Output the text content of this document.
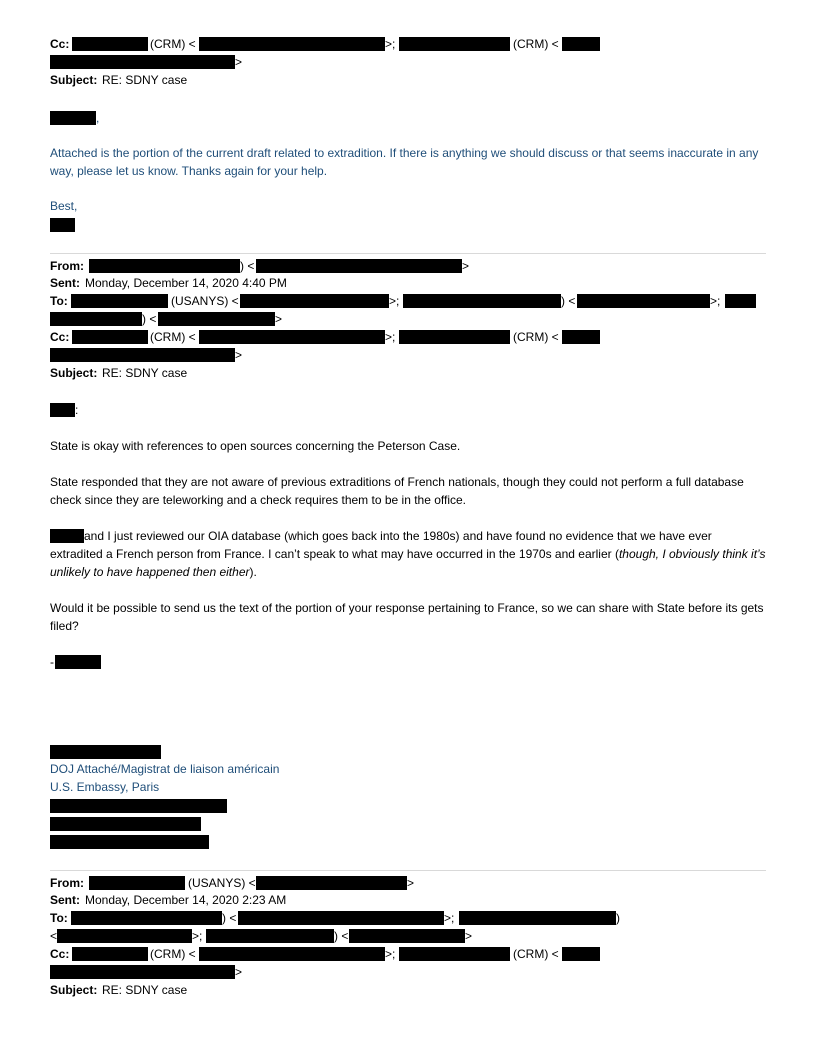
Cc:	(CRM) <	>;	(CRM) <
>
Subject: RE: SDNY case
,
Attached is the portion of the current draft related to extradition. If there is anything we should discuss or that seems inaccurate in any way, please let us know. Thanks again for your help.
Best,
From:	) <	>
Sent: Monday, December 14, 2020 4:40 PM
To:	(USANYS) <	>;	) <	>;
) <	>
Cc:	(CRM) <	>;	(CRM) <
>
Subject: RE: SDNY case
:
State is okay with references to open sources concerning the Peterson Case.
State responded that they are not aware of previous extraditions of French nationals, though they could not perform a full database check since they are teleworking and a check requires them to be in the office.
and I just reviewed our OIA database (which goes back into the 1980s) and have found no evidence that we have ever extradited a French person from France. I can’t speak to what may have occurred in the 1970s and earlier (though, I obviously think it’s unlikely to have happened then either).
Would it be possible to send us the text of the portion of your response pertaining to France, so we can share with State before its gets filed?
-
DOJ Attaché/Magistrat de liaison américain
U.S. Embassy, Paris
From:	(USANYS) <	>
Sent: Monday, December 14, 2020 2:23 AM
To:	) <	>;	)
<	>;	) <	>
Cc:	(CRM) <	>;	(CRM) <
>
Subject: RE: SDNY case
